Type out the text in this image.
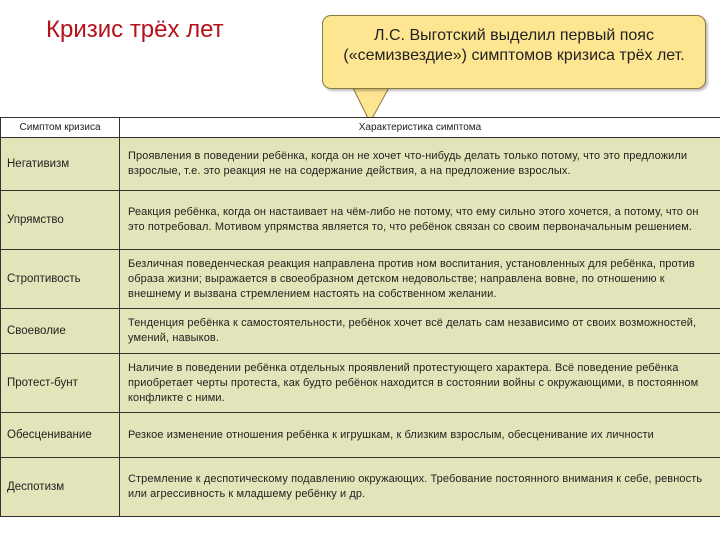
Кризис трёх лет	Л.С. Выготский выделил первый пояс («семизвездие») симптомов кризиса трёх лет.
Симптом кризиса	Характеристика симптома
Негативизм	Проявления в поведении ребёнка, когда он не хочет что-нибудь делать только потому, что это предложили взрослые, т.е. это реакция не на содержание действия, а на предложение взрослых.
Упрямство	Реакция ребёнка, когда он настаивает на чём-либо не потому, что ему сильно этого хочется, а потому, что он это потребовал. Мотивом упрямства является то, что ребёнок связан со своим первоначальным решением.
Строптивость	Безличная поведенческая реакция направлена против ном воспитания, установленных для ребёнка, против образа жизни; выражается в своеобразном детском недовольстве; направлена вовне, по отношению к внешнему и вызвана стремлением настоять на собственном желании.
Своеволие	Тенденция ребёнка к самостоятельности, ребёнок хочет всё делать сам независимо от своих возможностей, умений, навыков.
Протест-бунт	Наличие в поведении ребёнка отдельных проявлений протестующего характера. Всё поведение ребёнка приобретает черты протеста, как будто ребёнок находится в состоянии войны с окружающими, в постоянном конфликте с ними.
Обесценивание	Резкое изменение отношения ребёнка к игрушкам, к близким взрослым, обесценивание их личности
Деспотизм	Стремление к деспотическому подавлению окружающих. Требование постоянного внимания к себе, ревность или агрессивность к младшему ребёнку и др.
